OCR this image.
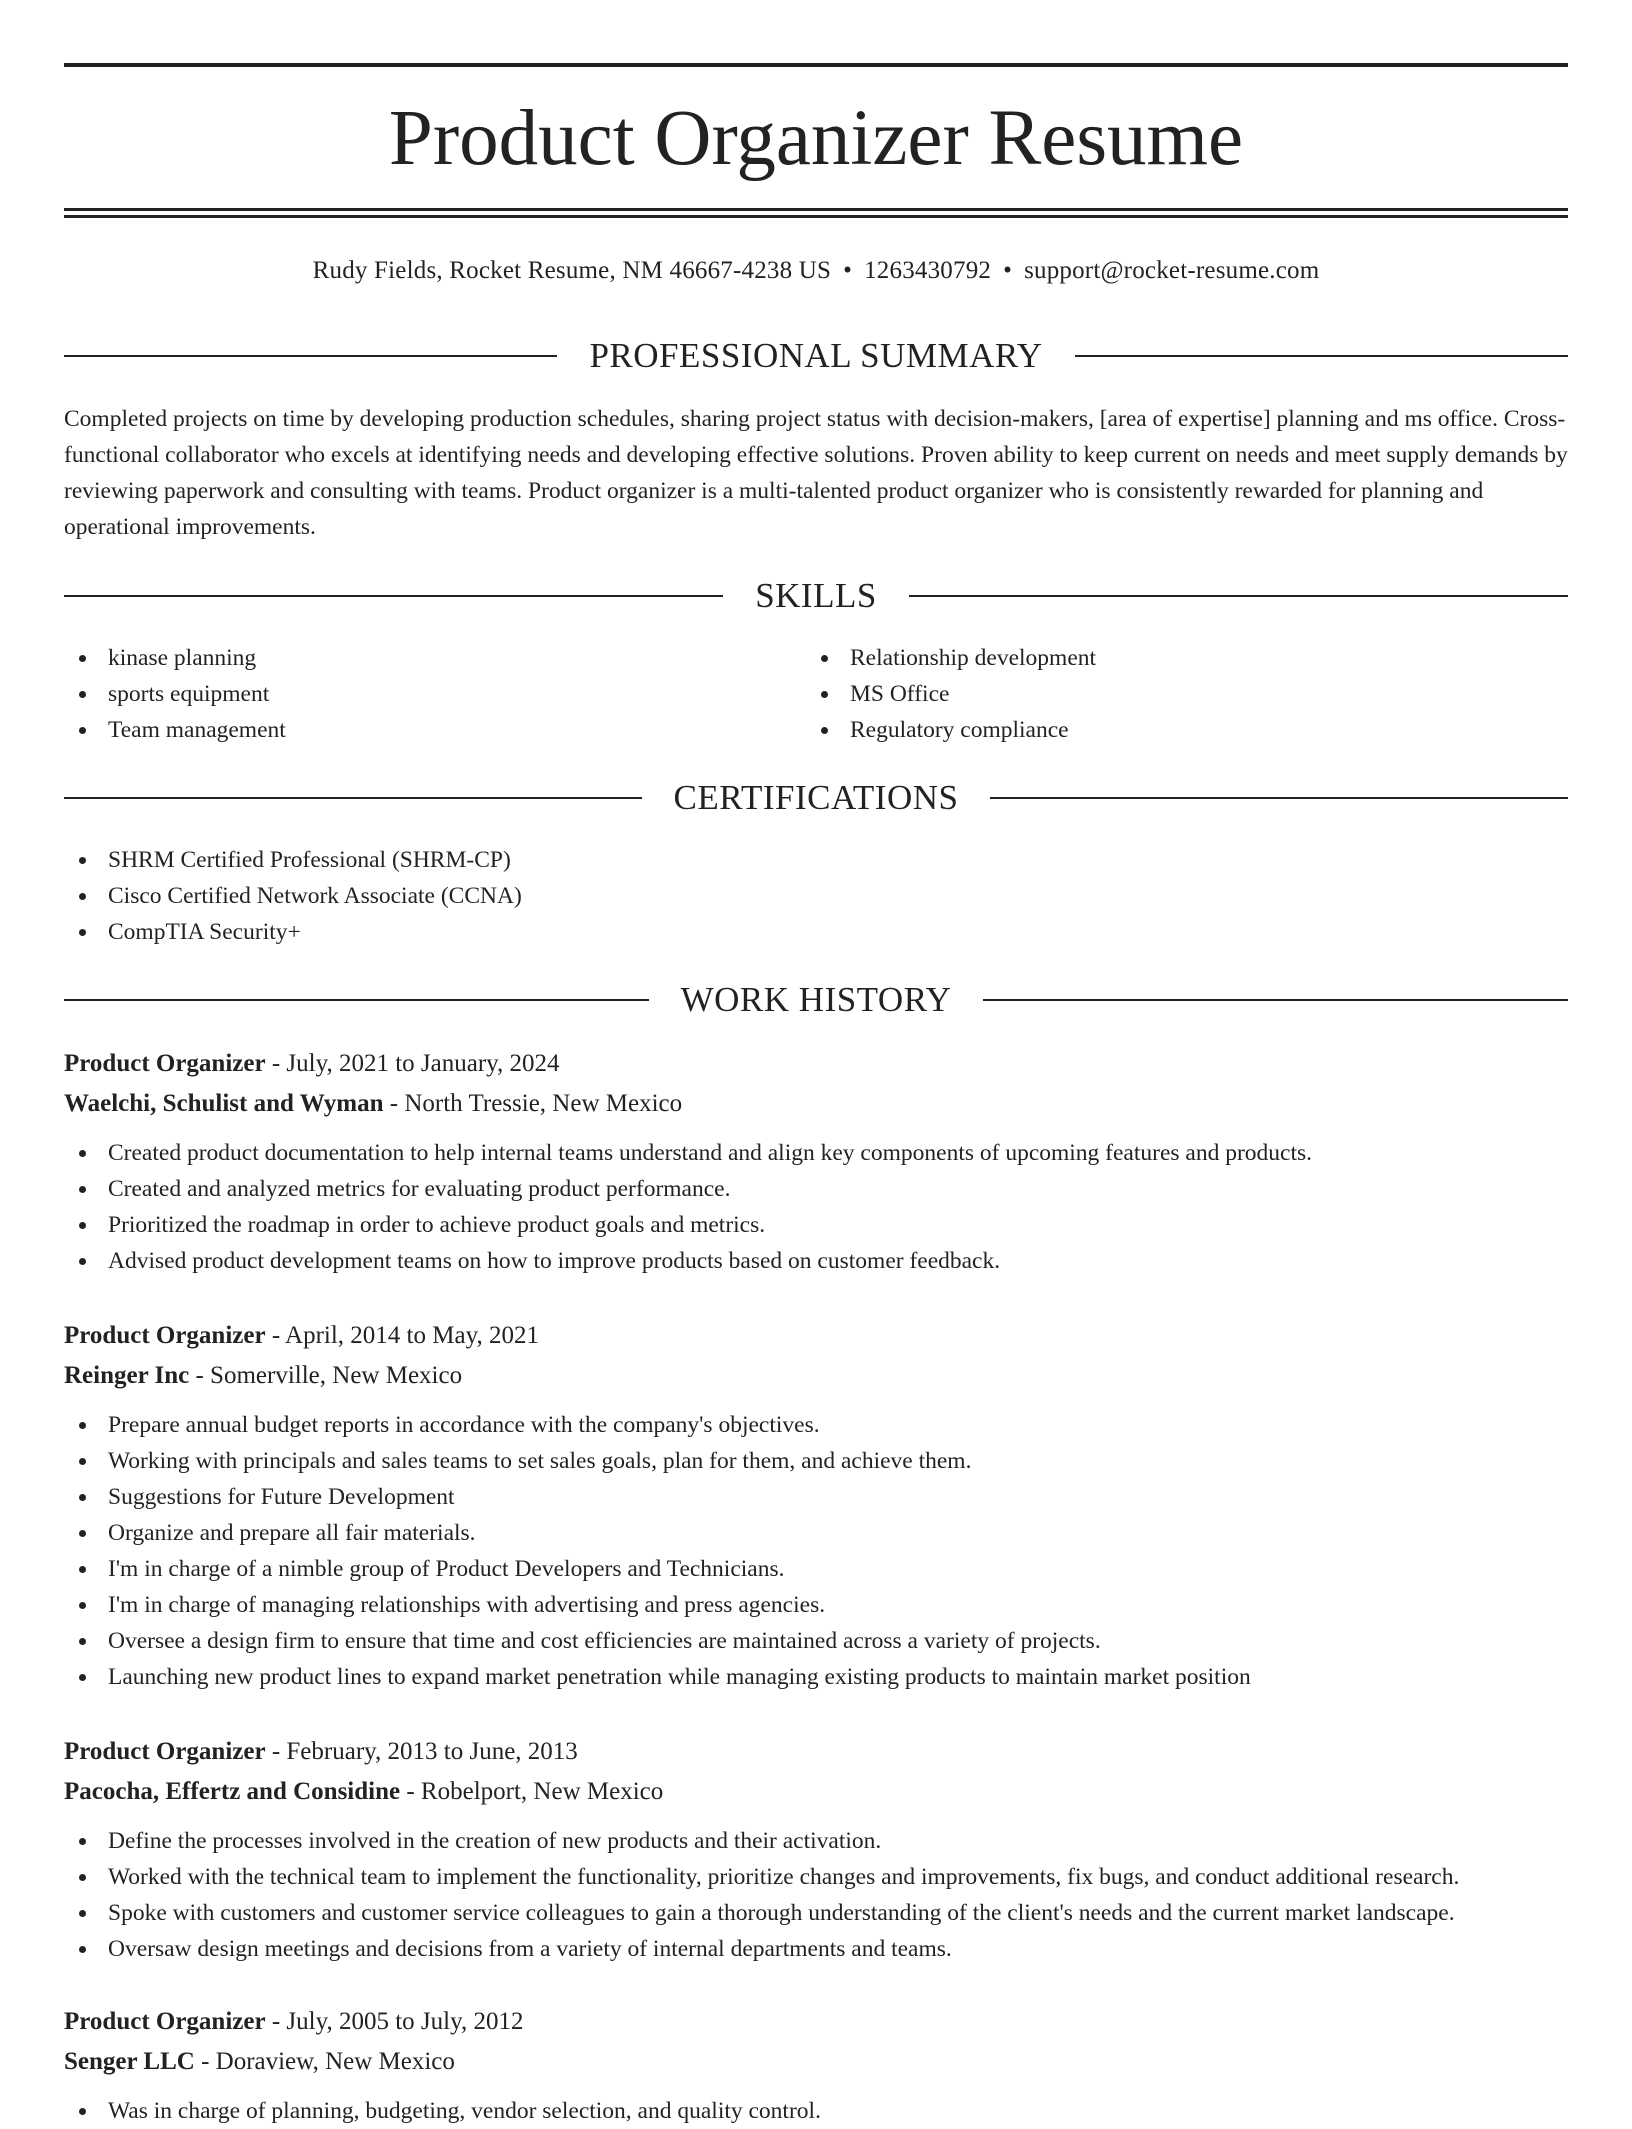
Product Organizer Resume
Rudy Fields, Rocket Resume, NM 46667-4238 US • 1263430792 • support@rocket-resume.com
PROFESSIONAL SUMMARY

Completed projects on time by developing production schedules, sharing project status with decision-makers, [area of expertise] planning and ms office. Cross-functional collaborator who excels at identifying needs and developing effective solutions. Proven ability to keep current on needs and meet supply demands by reviewing paperwork and consulting with teams. Product organizer is a multi-talented product organizer who is consistently rewarded for planning and operational improvements.

SKILLS
kinase planning
sports equipment
Team management
Relationship development
MS Office
Regulatory compliance
CERTIFICATIONS
SHRM Certified Professional (SHRM-CP)
Cisco Certified Network Associate (CCNA)
CompTIA Security+
WORK HISTORY
Product Organizer - July, 2021 to January, 2024
Waelchi, Schulist and Wyman - North Tressie, New Mexico
Created product documentation to help internal teams understand and align key components of upcoming features and products.
Created and analyzed metrics for evaluating product performance.
Prioritized the roadmap in order to achieve product goals and metrics.
Advised product development teams on how to improve products based on customer feedback.
Product Organizer - April, 2014 to May, 2021
Reinger Inc - Somerville, New Mexico
Prepare annual budget reports in accordance with the company's objectives.
Working with principals and sales teams to set sales goals, plan for them, and achieve them.
Suggestions for Future Development
Organize and prepare all fair materials.
I'm in charge of a nimble group of Product Developers and Technicians.
I'm in charge of managing relationships with advertising and press agencies.
Oversee a design firm to ensure that time and cost efficiencies are maintained across a variety of projects.
Launching new product lines to expand market penetration while managing existing products to maintain market position
Product Organizer - February, 2013 to June, 2013
Pacocha, Effertz and Considine - Robelport, New Mexico
Define the processes involved in the creation of new products and their activation.
Worked with the technical team to implement the functionality, prioritize changes and improvements, fix bugs, and conduct additional research.
Spoke with customers and customer service colleagues to gain a thorough understanding of the client's needs and the current market landscape.
Oversaw design meetings and decisions from a variety of internal departments and teams.
Product Organizer - July, 2005 to July, 2012
Senger LLC - Doraview, New Mexico
Was in charge of planning, budgeting, vendor selection, and quality control.
